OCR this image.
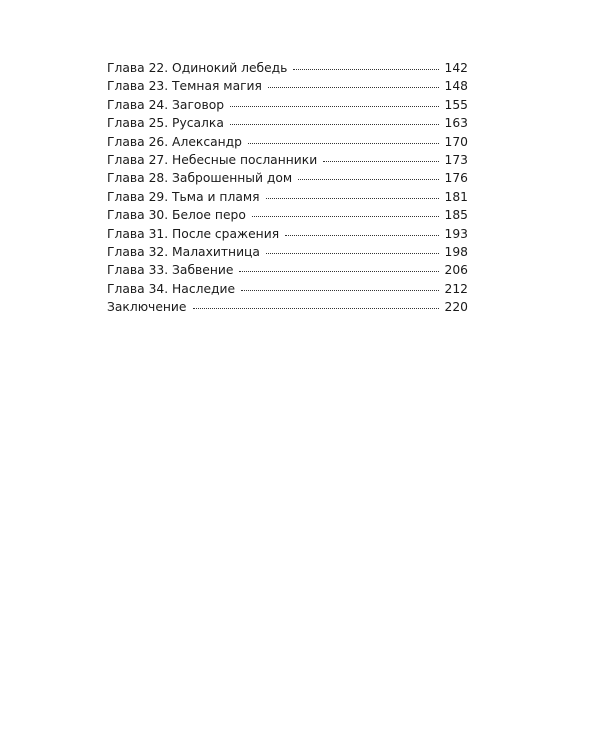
Глава 22. Одинокий лебедь	142
Глава 23. Темная магия	148
Глава 24. Заговор	155
Глава 25. Русалка	163
Глава 26. Александр	170
Глава 27. Небесные посланники	173
Глава 28. Заброшенный дом	176
Глава 29. Тьма и пламя	181
Глава 30. Белое перо	185
Глава 31. После сражения	193
Глава 32. Малахитница	198
Глава 33. Забвение	206
Глава 34. Наследие	212
Заключение	220
